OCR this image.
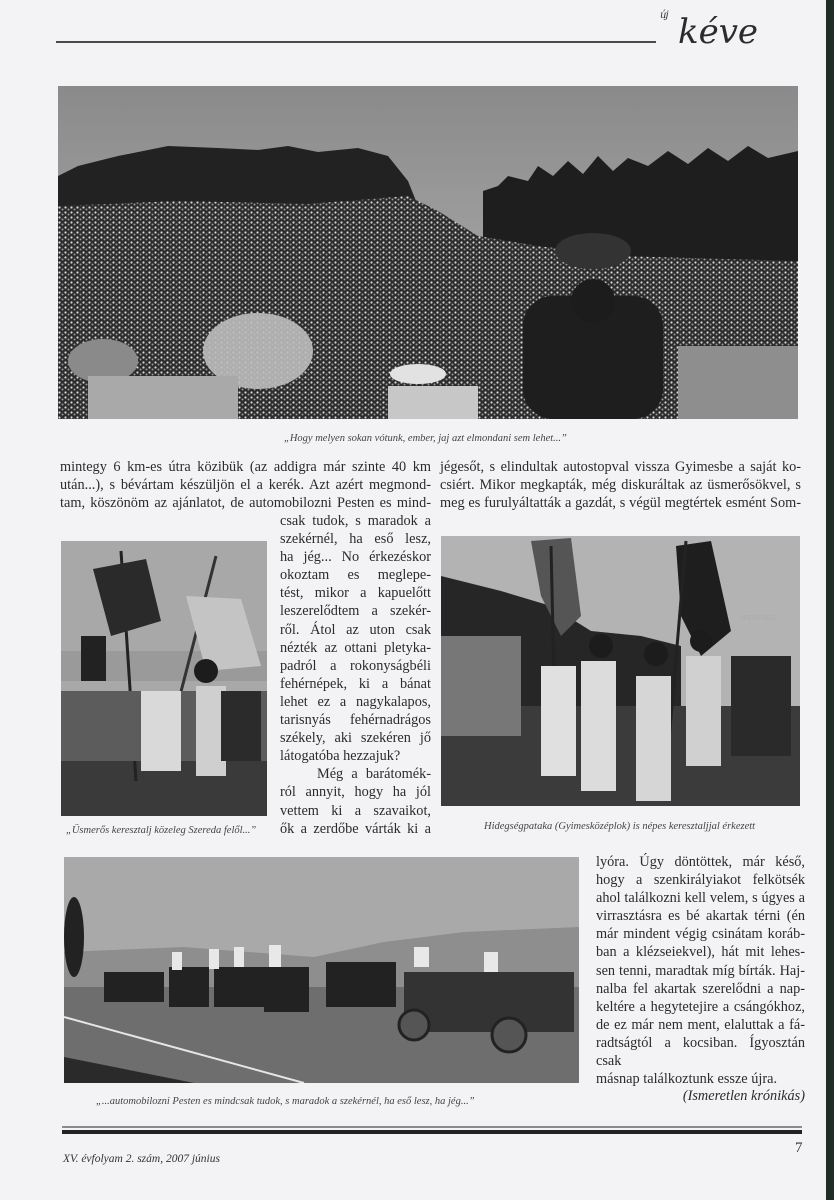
új kéve
„Hogy melyen sokan vótunk, ember, jaj azt elmondani sem lehet...”
mintegy 6 km-es útra közibük (az addigra már szinte 40 km
után...), s bévártam készüljön el a kerék. Azt azért megmond-
tam, köszönöm az ajánlatot, de automobilozni Pesten es mind-
jégesőt, s elindultak autostopval vissza Gyimesbe a saját ko-
csiért. Mikor megkapták, még diskuráltak az üsmerősökvel, s
meg es furulyáltatták a gazdát, s végül megtértek esmént Som-
„Üsmerős keresztalj közeleg Szereda felől...”
csak tudok, s maradok a
szekérnél, ha eső lesz,
ha jég... No érkezéskor
okoztam es meglepe-
tést, mikor a kapuelőtt
leszerelődtem a szekér-
ről. Átol az uton csak
nézték az ottani pletyka-
padról a rokonyságbéli
fehérnépek, ki a bánat
lehet ez a nagykalapos,
tarisnyás fehérnadrágos
székely, aki szekéren jő
látogatóba hezzajuk?
Még a barátomék-
ról annyit, hogy ha jól
vettem ki a szavaikot,
ők a zerdőbe várták ki a
HIDEGSÉG
Hidegségpataka (Gyimesközéplok) is népes keresztaljjal érkezett
„...automobilozni Pesten es mindcsak tudok, s maradok a szekérnél, ha eső lesz, ha jég...”
lyóra. Úgy döntöttek, már késő,
hogy a szenkirályiakot felkötsék
ahol találkozni kell velem, s úgyes a
virrasztásra es bé akartak térni (én
már mindent végig csinátam koráb-
ban a klézseiekvel), hát mit lehes-
sen tenni, maradtak míg bírták. Haj-
nalba fel akartak szerelődni a nap-
keltére a hegytetejire a csángókhoz,
de ez már nem ment, elaluttak a fá-
radtságtól a kocsiban. Ígyosztán csak
másnap találkoztunk essze újra.
(Ismeretlen krónikás)
XV. évfolyam 2. szám, 2007 június
7
